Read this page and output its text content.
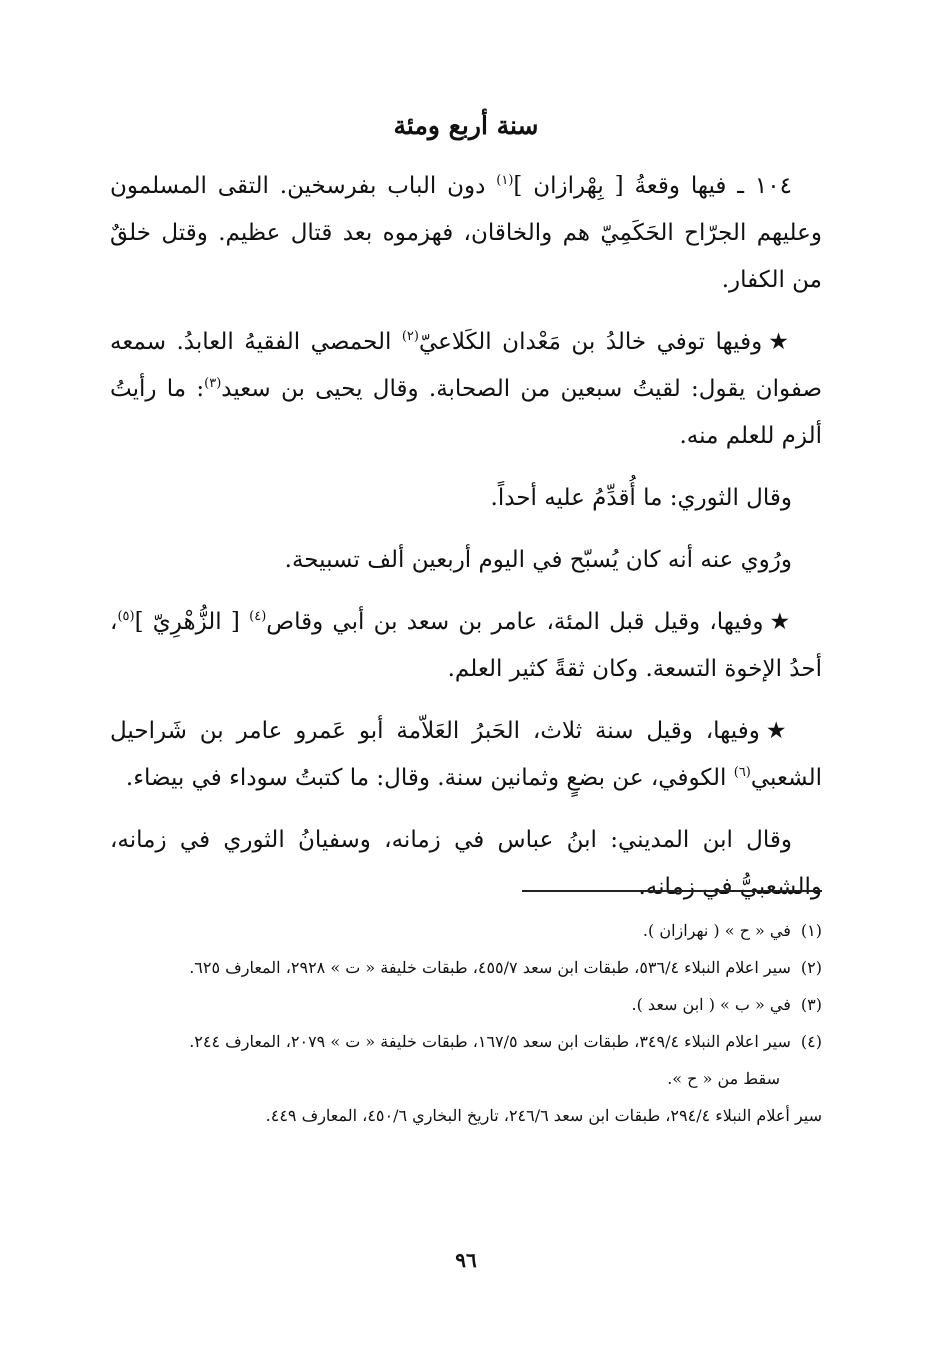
سنة أربع ومئة

١٠٤ ـ فيها وقعةُ [ بِهْرازان ]$^{(١)}$ دون الباب بفرسخين. التقى المسلمون وعليهم الجرّاح الحَكَمِيّ هم والخاقان، فهزموه بعد قتال عظيم. وقتل خلقٌ من الكفار.

★وفيها توفي خالدُ بن مَعْدان الكَلاعيّ$^{(٢)}$ الحمصي الفقيهُ العابدُ. سمعه صفوان يقول: لقيتُ سبعين من الصحابة. وقال يحيى بن سعيد$^{(٣)}$: ما رأيتُ ألزم للعلم منه.

وقال الثوري: ما أُقدِّمُ عليه أحداً.

ورُوي عنه أنه كان يُسبّح في اليوم أربعين ألف تسبيحة.

★وفيها، وقيل قبل المئة، عامر بن سعد بن أبي وقاص$^{(٤)}$ [ الزُّهْرِيّ ]$^{(٥)}$، أحدُ الإخوة التسعة. وكان ثقةً كثير العلم.

★وفيها، وقيل سنة ثلاث، الحَبرُ العَلاّمة أبو عَمرو عامر بن شَراحيل الشعبي$^{(٦)}$ الكوفي، عن بضعٍ وثمانين سنة. وقال: ما كتبتُ سوداء في بيضاء.

وقال ابن المديني: ابنُ عباس في زمانه، وسفيانُ الثوري في زمانه، والشعبيُّ في زمانه.

(١)
في « ح » ( نهرازان ).
(٢)
سير اعلام النبلاء ٥٣٦/٤، طبقات ابن سعد ٤٥٥/٧، طبقات خليفة « ت » ٢٩٢٨، المعارف ٦٢٥.
(٣)
في « ب » ( ابن سعد ).
(٤)
سير اعلام النبلاء ٣٤٩/٤، طبقات ابن سعد ١٦٧/٥، طبقات خليفة « ت » ٢٠٧٩، المعارف ٢٤٤.
سقط من « ح ».
سير أعلام النبلاء ٢٩٤/٤، طبقات ابن سعد ٢٤٦/٦، تاريخ البخاري ٤٥٠/٦، المعارف ٤٤٩.
٩٦
